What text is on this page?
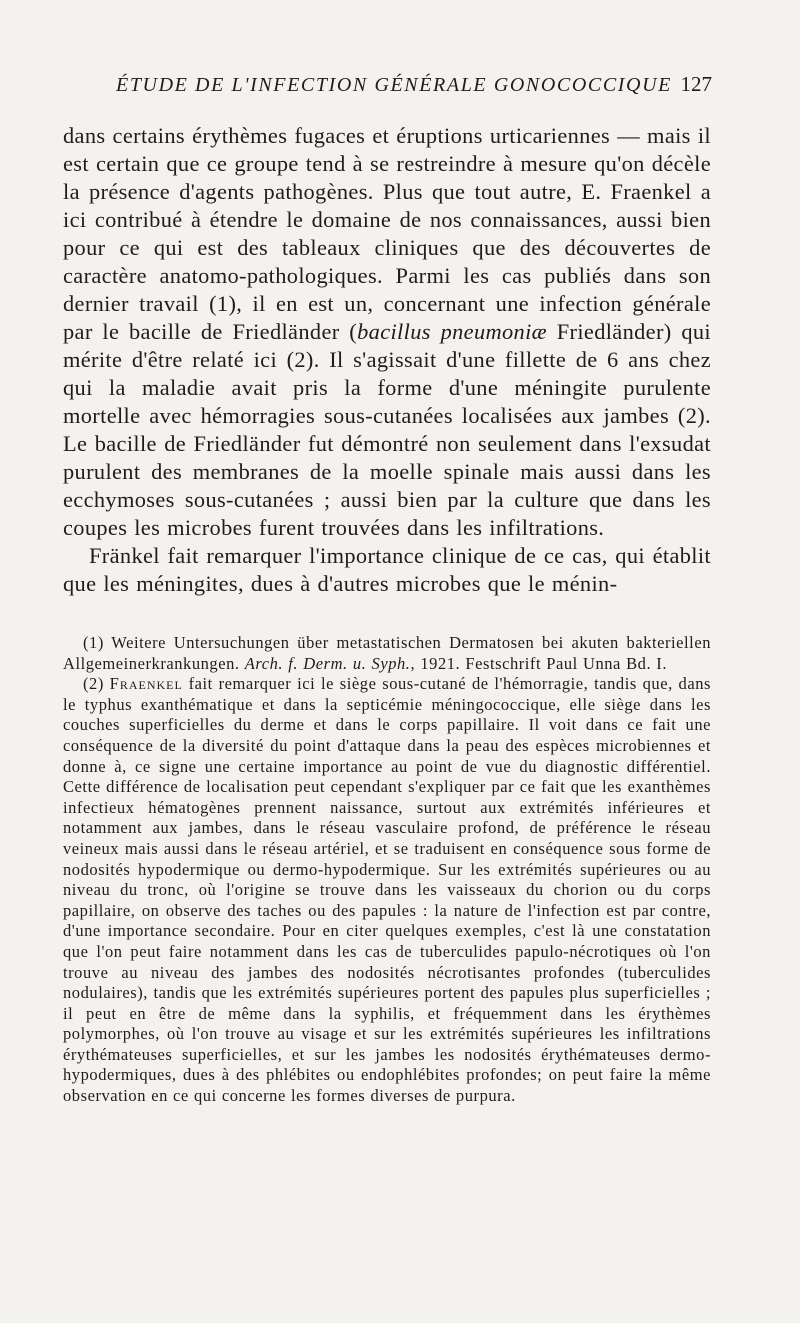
ÉTUDE DE L'INFECTION GÉNÉRALE GONOCOCCIQUE 127

dans certains érythèmes fugaces et éruptions urticariennes — mais il est certain que ce groupe tend à se restreindre à mesure qu'on décèle la présence d'agents pathogènes. Plus que tout autre, E. Fraenkel a ici contribué à étendre le domaine de nos connaissances, aussi bien pour ce qui est des tableaux cliniques que des découvertes de caractère anatomo-pathologiques. Parmi les cas publiés dans son dernier travail (1), il en est un, concernant une infection générale par le bacille de Friedländer (bacillus pneumoniæ Friedländer) qui mérite d'être relaté ici (2). Il s'agissait d'une fillette de 6 ans chez qui la maladie avait pris la forme d'une méningite purulente mortelle avec hémorragies sous-cutanées localisées aux jambes (2). Le bacille de Friedländer fut démontré non seulement dans l'exsudat purulent des membranes de la moelle spinale mais aussi dans les ecchymoses sous-cutanées ; aussi bien par la culture que dans les coupes les microbes furent trouvées dans les infiltrations.

Fränkel fait remarquer l'importance clinique de ce cas, qui établit que les méningites, dues à d'autres microbes que le ménin-

(1) Weitere Untersuchungen über metastatischen Dermatosen bei akuten bakteriellen Allgemeinerkrankungen. Arch. f. Derm. u. Syph., 1921. Festschrift Paul Unna Bd. I.

(2) Fraenkel fait remarquer ici le siège sous-cutané de l'hémorragie, tandis que, dans le typhus exanthématique et dans la septicémie méningococcique, elle siège dans les couches superficielles du derme et dans le corps papillaire. Il voit dans ce fait une conséquence de la diversité du point d'attaque dans la peau des espèces microbiennes et donne à, ce signe une certaine importance au point de vue du diagnostic différentiel. Cette différence de localisation peut cependant s'expliquer par ce fait que les exanthèmes infectieux hématogènes prennent naissance, surtout aux extrémités inférieures et notamment aux jambes, dans le réseau vasculaire profond, de préférence le réseau veineux mais aussi dans le réseau artériel, et se traduisent en conséquence sous forme de nodosités hypodermique ou dermo-hypodermique. Sur les extrémités supérieures ou au niveau du tronc, où l'origine se trouve dans les vaisseaux du chorion ou du corps papillaire, on observe des taches ou des papules : la nature de l'infection est par contre, d'une importance secondaire. Pour en citer quelques exemples, c'est là une constatation que l'on peut faire notamment dans les cas de tuberculides papulo-nécrotiques où l'on trouve au niveau des jambes des nodosités nécrotisantes profondes (tuberculides nodulaires), tandis que les extrémités supérieures portent des papules plus superficielles ; il peut en être de même dans la syphilis, et fréquemment dans les érythèmes polymorphes, où l'on trouve au visage et sur les extrémités supérieures les infiltrations érythémateuses superficielles, et sur les jambes les nodosités érythémateuses dermo-hypodermiques, dues à des phlébites ou endophlébites profondes; on peut faire la même observation en ce qui concerne les formes diverses de purpura.
